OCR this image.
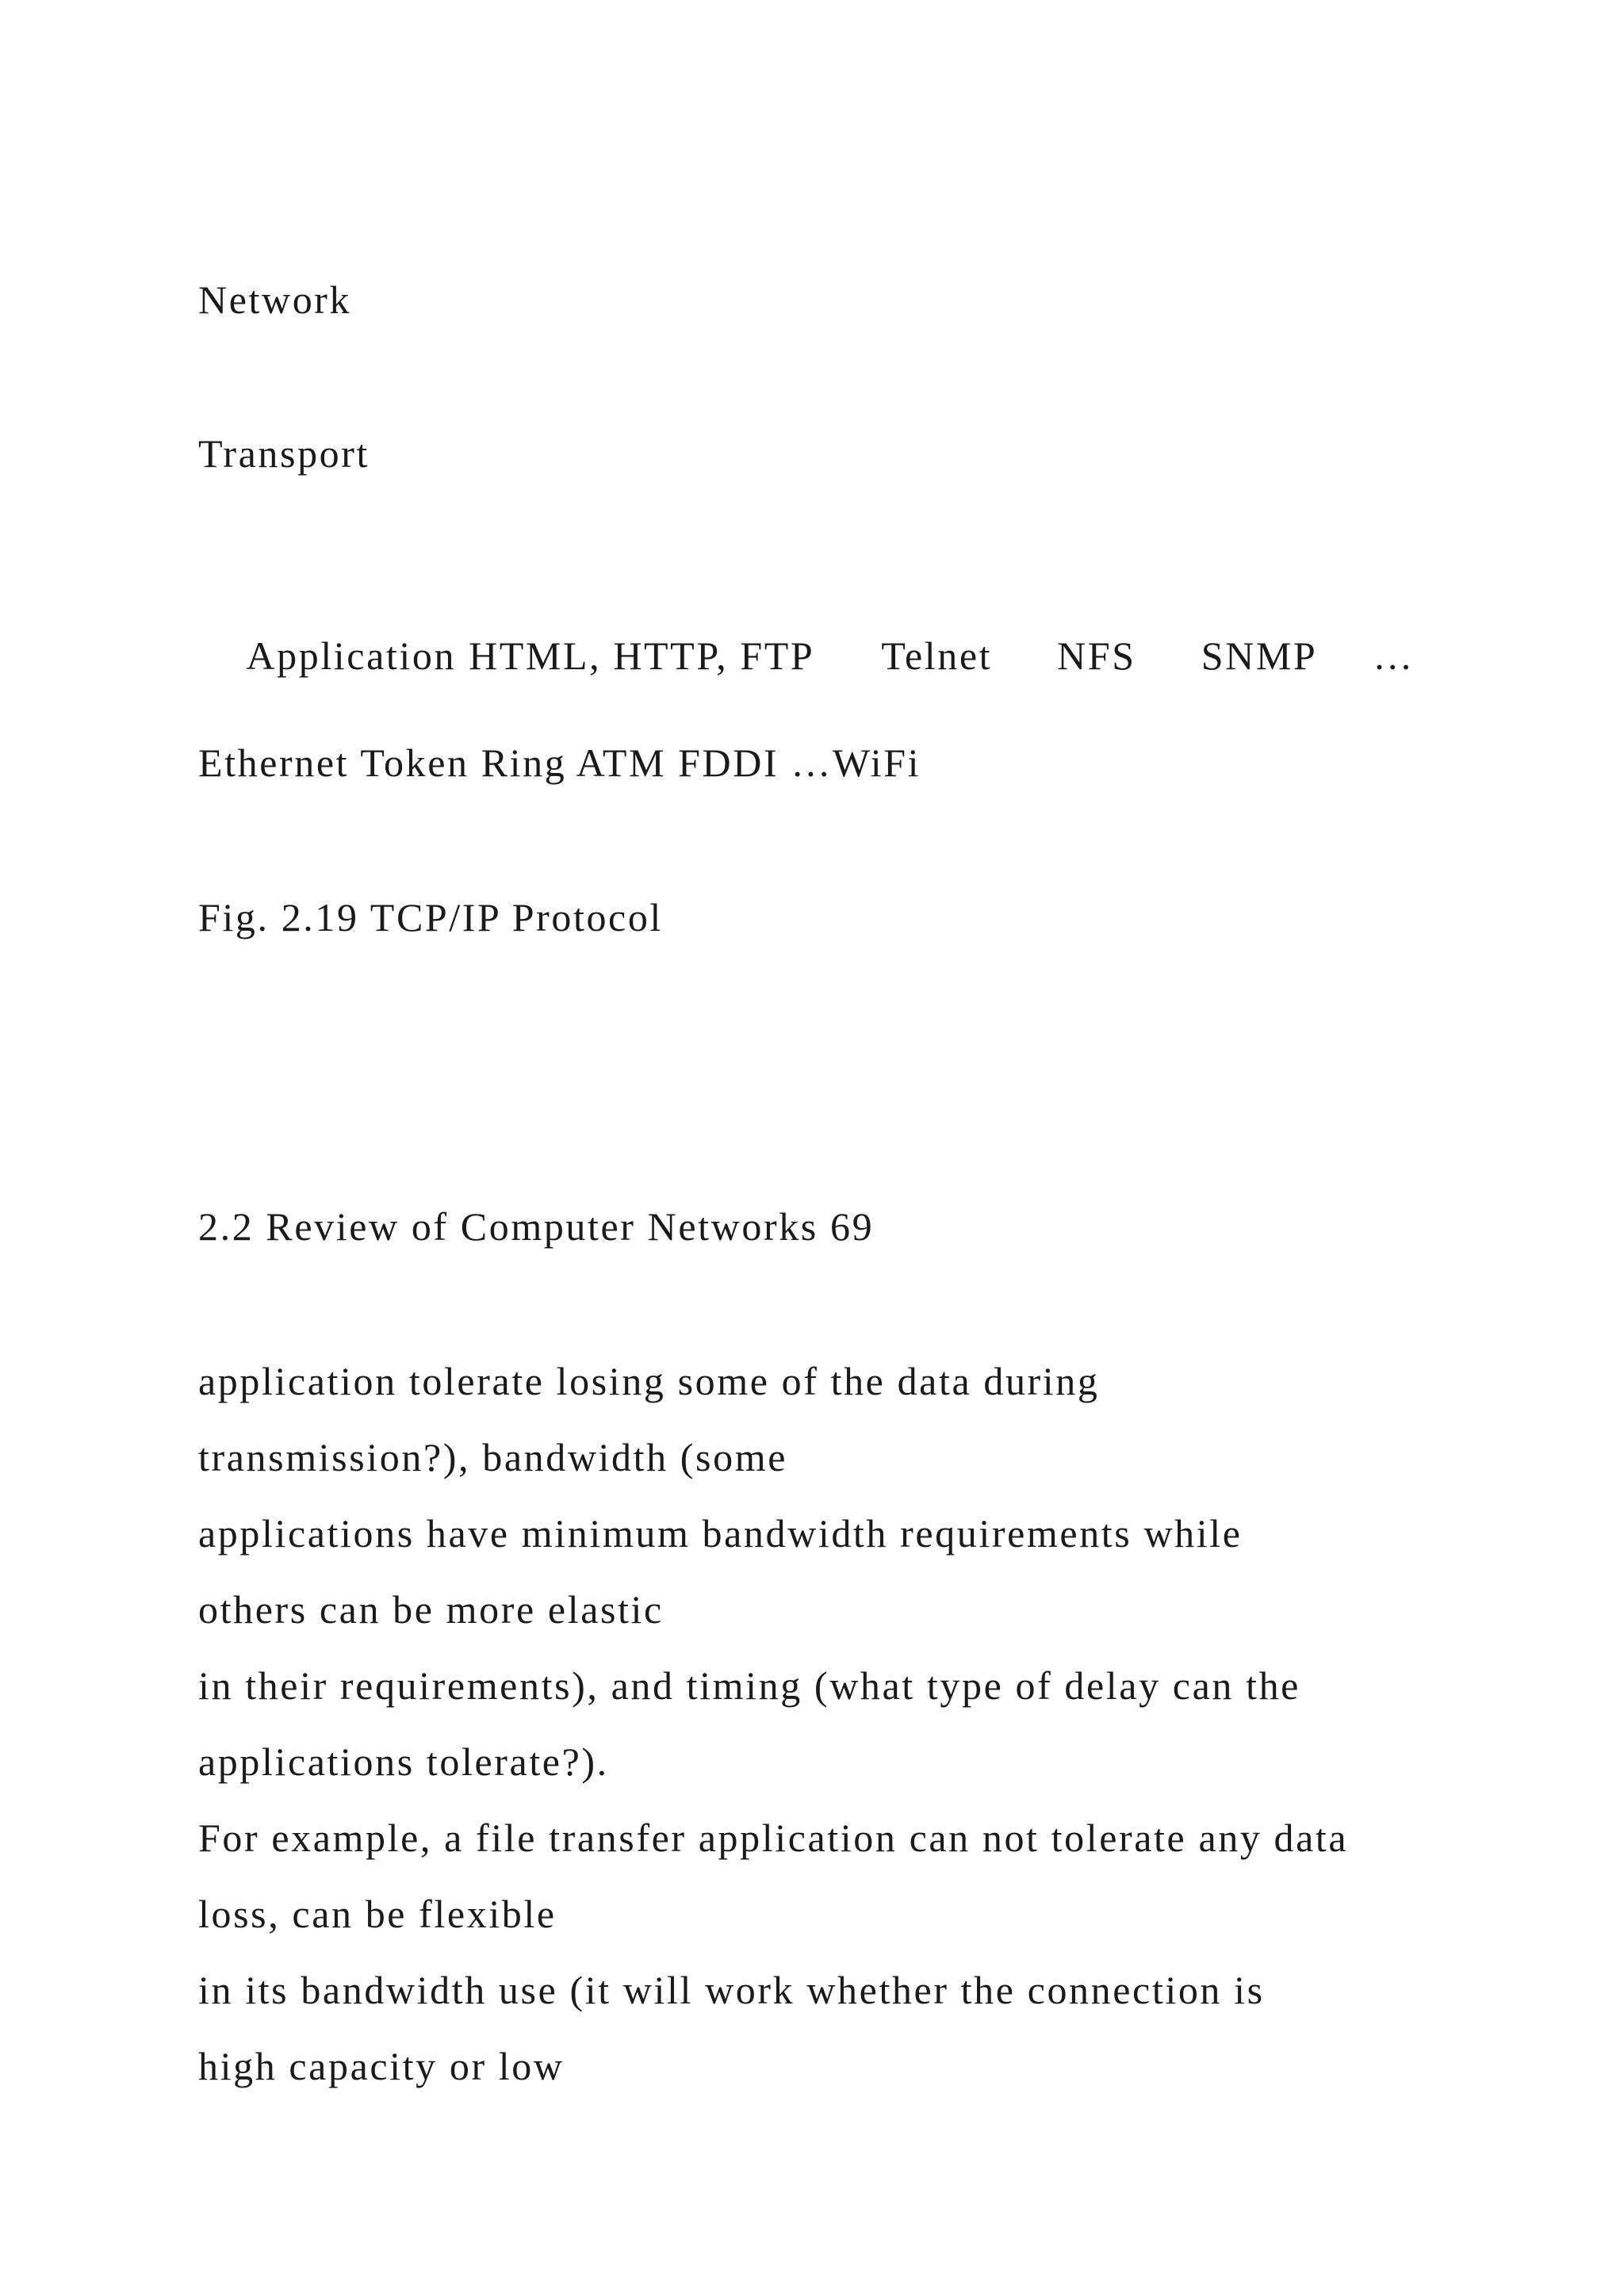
Network
Transport

Application HTML, HTTP, FTP Telnet NFS SNMP …

Ethernet Token Ring ATM FDDI …WiFi
Fig. 2.19 TCP/IP Protocol
2.2 Review of Computer Networks 69
application tolerate losing some of the data during
transmission?), bandwidth (some
applications have minimum bandwidth requirements while
others can be more elastic
in their requirements), and timing (what type of delay can the
applications tolerate?).
For example, a file transfer application can not tolerate any data
loss, can be flexible
in its bandwidth use (it will work whether the connection is
high capacity or low
